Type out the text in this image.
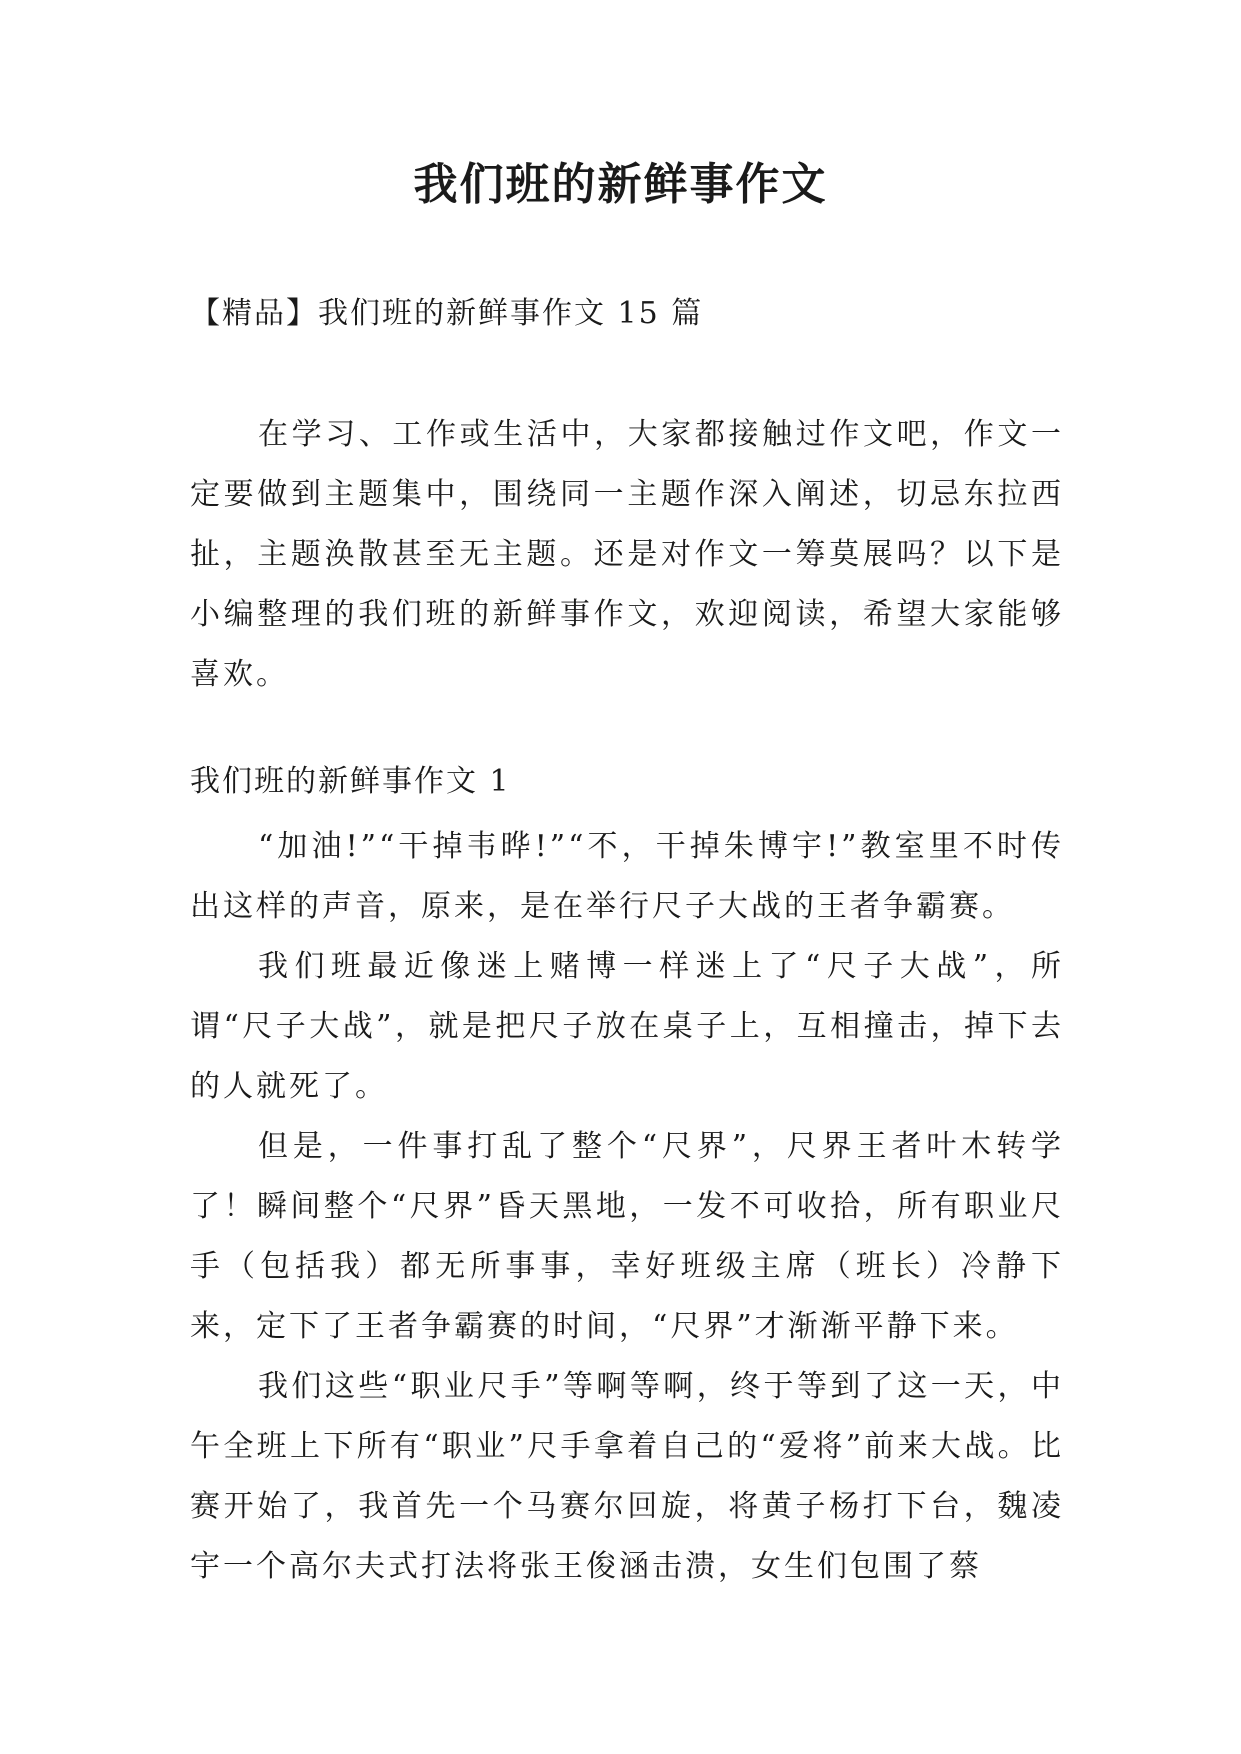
我们班的新鲜事作文

【精品】我们班的新鲜事作文 15 篇

在学习、工作或生活中，大家都接触过作文吧，作文一定要做到主题集中，围绕同一主题作深入阐述，切忌东拉西扯，主题涣散甚至无主题。还是对作文一筹莫展吗？以下是小编整理的我们班的新鲜事作文，欢迎阅读，希望大家能够喜欢。

我们班的新鲜事作文 1

“加油!”“干掉韦晔!”“不，干掉朱博宇!”教室里不时传出这样的声音，原来，是在举行尺子大战的王者争霸赛。

我们班最近像迷上赌博一样迷上了“尺子大战”，所谓“尺子大战”，就是把尺子放在桌子上，互相撞击，掉下去的人就死了。

但是，一件事打乱了整个“尺界”，尺界王者叶木转学了！瞬间整个“尺界”昏天黑地，一发不可收拾，所有职业尺手（包括我）都无所事事，幸好班级主席（班长）冷静下来，定下了王者争霸赛的时间，“尺界”才渐渐平静下来。

我们这些“职业尺手”等啊等啊，终于等到了这一天，中午全班上下所有“职业”尺手拿着自己的“爱将”前来大战。比赛开始了，我首先一个马赛尔回旋，将黄子杨打下台，魏凌宇一个高尔夫式打法将张王俊涵击溃，女生们包围了蔡
